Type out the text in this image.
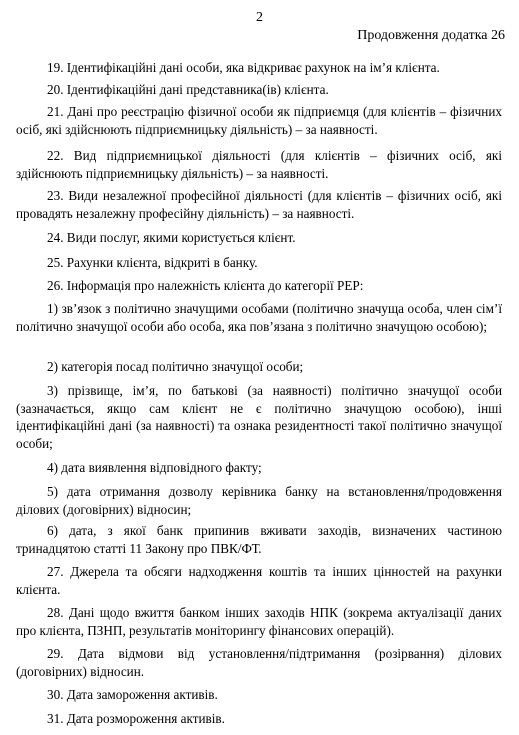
2
Продовження додатка 26

19. Ідентифікаційні дані особи, яка відкриває рахунок на ім’я клієнта.

20. Ідентифікаційні дані представника(ів) клієнта.

21. Дані про реєстрацію фізичної особи як підприємця (для клієнтів – фізичних осіб, які здійснюють підприємницьку діяльність) – за наявності.

22. Вид підприємницької діяльності (для клієнтів – фізичних осіб, які здійснюють підприємницьку діяльність) – за наявності.

23. Види незалежної професійної діяльності (для клієнтів – фізичних осіб, які провадять незалежну професійну діяльність) – за наявності.

24. Види послуг, якими користується клієнт.

25. Рахунки клієнта, відкриті в банку.

26. Інформація про належність клієнта до категорії PEP:

1) зв’язок з політично значущими особами (політично значуща особа, член сім’ї політично значущої особи або особа, яка пов’язана з політично значущою особою);

2) категорія посад політично значущої особи;

3) прізвище, ім’я, по батькові (за наявності) політично значущої особи (зазначається, якщо сам клієнт не є політично значущою особою), інші ідентифікаційні дані (за наявності) та ознака резидентності такої політично значущої особи;

4) дата виявлення відповідного факту;

5) дата отримання дозволу керівника банку на встановлення/продовження ділових (договірних) відносин;

6) дата, з якої банк припинив вживати заходів, визначених частиною тринадцятою статті 11 Закону про ПВК/ФТ.

27. Джерела та обсяги надходження коштів та інших цінностей на рахунки клієнта.

28. Дані щодо вжиття банком інших заходів НПК (зокрема актуалізації даних про клієнта, ПЗНП, результатів моніторингу фінансових операцій).

29. Дата відмови від установлення/підтримання (розірвання) ділових (договірних) відносин.

30. Дата замороження активів.

31. Дата розмороження активів.
